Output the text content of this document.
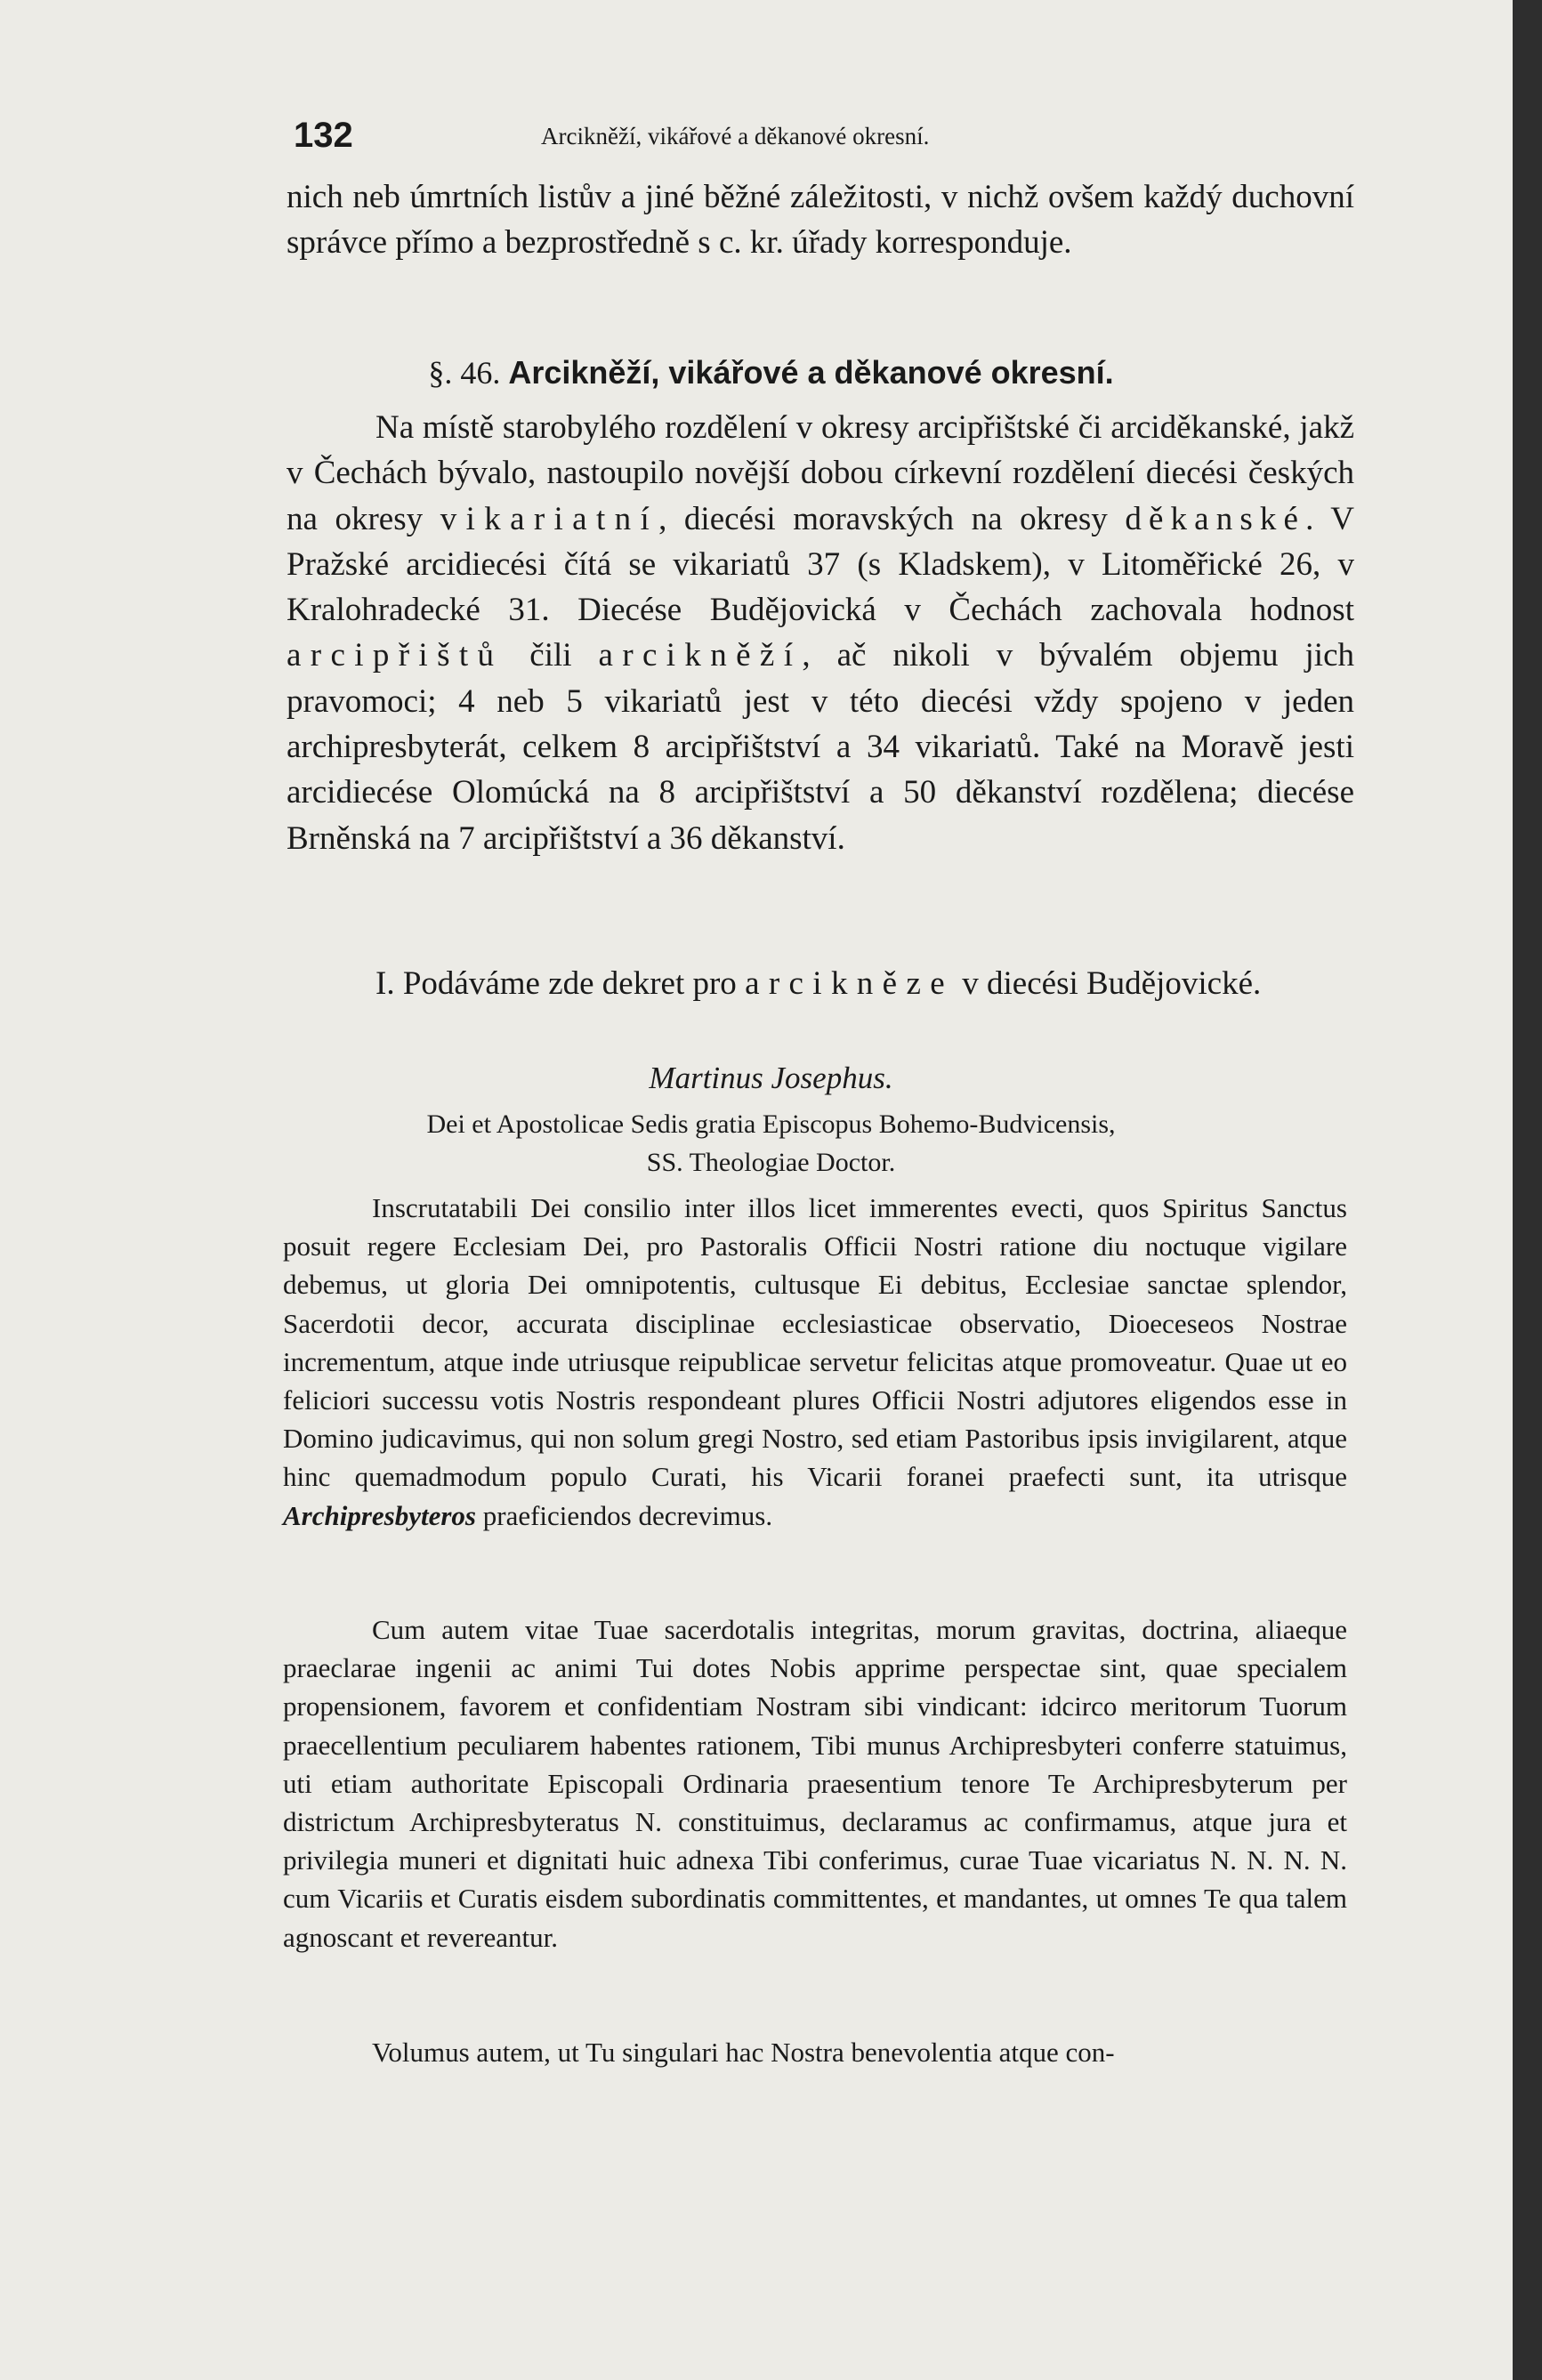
132	Arcikněží, vikářové a děkanové okresní.
nich neb úmrtních listův a jiné běžné záležitosti, v nichž ovšem každý duchovní správce přímo a bezprostředně s c. kr. úřady korresponduje.
§. 46. Arcikněží, vikářové a děkanové okresní.
Na místě starobylého rozdělení v okresy arcipřištské či arciděkanské, jakž v Čechách bývalo, nastoupilo novější dobou církevní rozdělení diecési českých na okresy vikariatní, diecési moravských na okresy děkanské. V Pražské arcidiecési čítá se vikariatů 37 (s Kladskem), v Litoměřické 26, v Kralohradecké 31. Diecése Budějovická v Čechách zachovala hodnost arcipřištů čili arcikněží, ač nikoli v bývalém objemu jich pravomoci; 4 neb 5 vikariatů jest v této diecési vždy spojeno v jeden archipresbyterát, celkem 8 arcipřištství a 34 vikariatů. Také na Moravě jesti arcidiecése Olomúcká na 8 arcipřištství a 50 děkanství rozdělena; diecése Brněnská na 7 arcipřištství a 36 děkanství.
I. Podáváme zde dekret pro arcikněze v diecési Budějovické.
Martinus Josephus.
Dei et Apostolicae Sedis gratia Episcopus Bohemo-Budvicensis,
SS. Theologiae Doctor.
Inscrutatabili Dei consilio inter illos licet immerentes evecti, quos Spiritus Sanctus posuit regere Ecclesiam Dei, pro Pastoralis Officii Nostri ratione diu noctuque vigilare debemus, ut gloria Dei omnipotentis, cultusque Ei debitus, Ecclesiae sanctae splendor, Sacerdotii decor, accurata disciplinae ecclesiasticae observatio, Dioeceseos Nostrae incrementum, atque inde utriusque reipublicae servetur felicitas atque promoveatur. Quae ut eo feliciori successu votis Nostris respondeant plures Officii Nostri adjutores eligendos esse in Domino judicavimus, qui non solum gregi Nostro, sed etiam Pastoribus ipsis invigilarent, atque hinc quemadmodum populo Curati, his Vicarii foranei praefecti sunt, ita utrisque Archipresbyteros praeficiendos decrevimus.
Cum autem vitae Tuae sacerdotalis integritas, morum gravitas, doctrina, aliaeque praeclarae ingenii ac animi Tui dotes Nobis apprime perspectae sint, quae specialem propensionem, favorem et confidentiam Nostram sibi vindicant: idcirco meritorum Tuorum praecellentium peculiarem habentes rationem, Tibi munus Archipresbyteri conferre statuimus, uti etiam authoritate Episcopali Ordinaria praesentium tenore Te Archipresbyterum per districtum Archipresbyteratus N. constituimus, declaramus ac confirmamus, atque jura et privilegia muneri et dignitati huic adnexa Tibi conferimus, curae Tuae vicariatus N. N. N. N. cum Vicariis et Curatis eisdem subordinatis committentes, et mandantes, ut omnes Te qua talem agnoscant et revereantur.
Volumus autem, ut Tu singulari hac Nostra benevolentia atque con-
